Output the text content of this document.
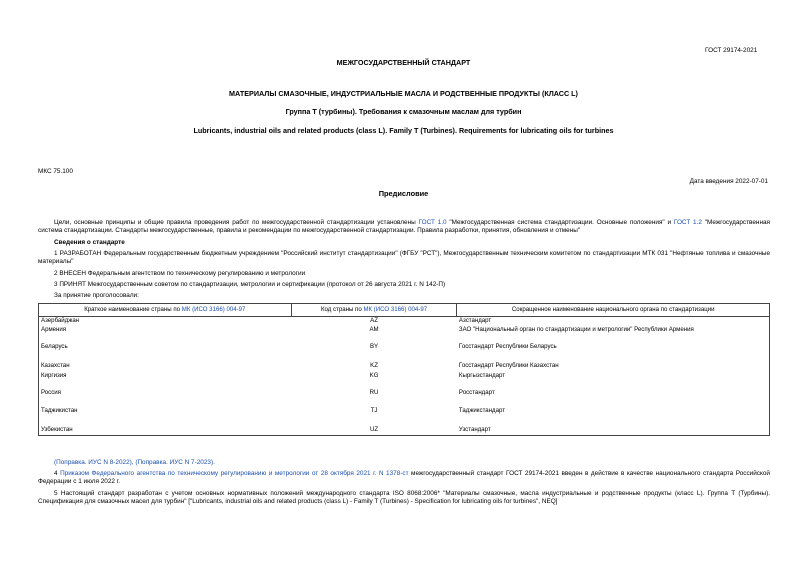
ГОСТ 29174-2021
МЕЖГОСУДАРСТВЕННЫЙ СТАНДАРТ
МАТЕРИАЛЫ СМАЗОЧНЫЕ, ИНДУСТРИАЛЬНЫЕ МАСЛА И РОДСТВЕННЫЕ ПРОДУКТЫ (КЛАСС L)
Группа Т (турбины). Требования к смазочным маслам для турбин
Lubricants, industrial oils and related products (class L). Family T (Turbines). Requirements for lubricating oils for turbines
МКС 75.100
Дата введения 2022-07-01
Предисловие
Цели, основные принципы и общие правила проведения работ по межгосударственной стандартизации установлены ГОСТ 1.0 "Межгосударственная система стандартизации. Основные положения" и ГОСТ 1.2 "Межгосударственная система стандартизации. Стандарты межгосударственные, правила и рекомендации по межгосударственной стандартизации. Правила разработки, принятия, обновления и отмены"
Сведения о стандарте
1 РАЗРАБОТАН Федеральным государственным бюджетным учреждением "Российский институт стандартизации" (ФГБУ "РСТ"), Межгосударственным техническим комитетом по стандартизации МТК 031 "Нефтяные топлива и смазочные материалы"
2 ВНЕСЕН Федеральным агентством по техническому регулированию и метрологии
3 ПРИНЯТ Межгосударственным советом по стандартизации, метрологии и сертификации (протокол от 26 августа 2021 г. N 142-П)
За принятие проголосовали:
Краткое наименование страны по МК (ИСО 3166) 004-97	Код страны по МК (ИСО 3166) 004-97	Сокращенное наименование национального органа по стандартизации
Азербайджан	AZ	Азстандарт
Армения	AM	ЗАО "Национальный орган по стандартизации и метрологии" Республики Армения
Беларусь	BY	Госстандарт Республики Беларусь
Казахстан	KZ	Госстандарт Республики Казахстан
Киргизия	KG	Кыргызстандарт
Россия	RU	Росстандарт
Таджикистан	TJ	Таджикстандарт
Узбекистан	UZ	Узстандарт
(Поправка. ИУС N 8-2022), (Поправка. ИУС N 7-2023).
4 Приказом Федерального агентства по техническому регулированию и метрологии от 28 октября 2021 г. N 1378-ст межгосударственный стандарт ГОСТ 29174-2021 введен в действие в качестве национального стандарта Российской Федерации с 1 июля 2022 г.
5 Настоящий стандарт разработан с учетом основных нормативных положений международного стандарта ISO 8068:2006* "Материалы смазочные, масла индустриальные и родственные продукты (класс L). Группа Т (Турбины). Спецификация для смазочных масел для турбин" ["Lubricants, industrial oils and related products (class L) - Family T (Turbines) - Specification for lubricating oils for turbines", NEQ]
